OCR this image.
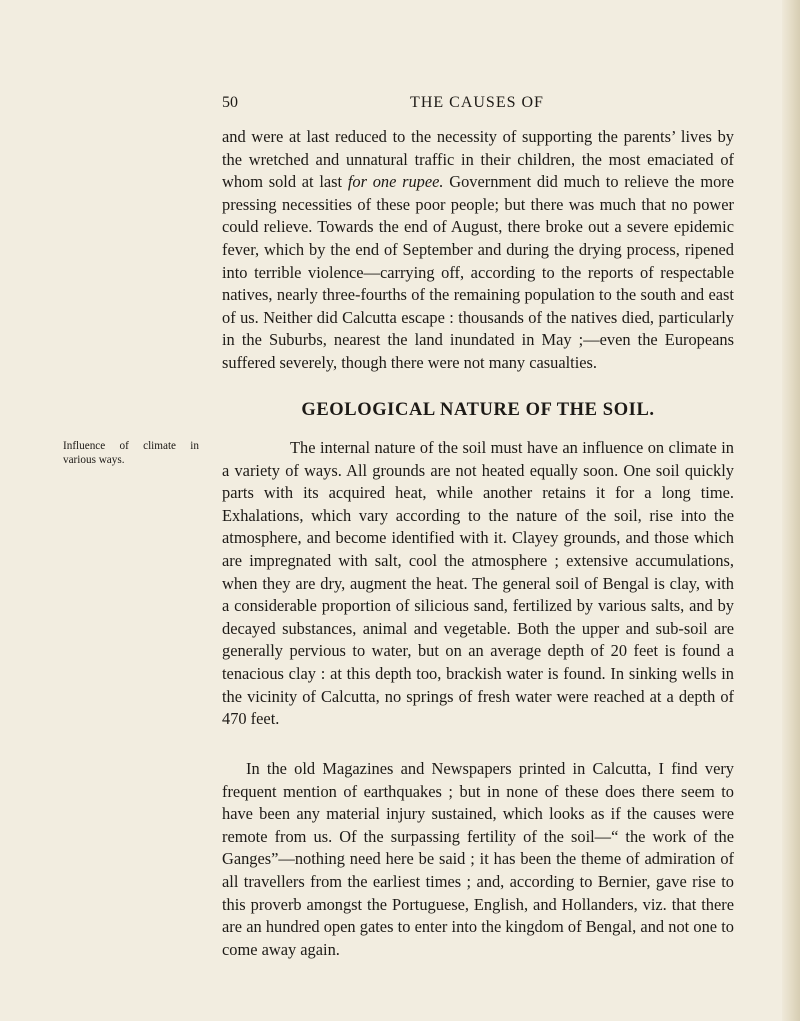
50	THE CAUSES OF

and were at last reduced to the necessity of supporting the parents’ lives by the wretched and unnatural traffic in their children, the most emaciated of whom sold at last for one rupee. Government did much to relieve the more pressing necessities of these poor people; but there was much that no power could relieve. Towards the end of August, there broke out a severe epidemic fever, which by the end of September and during the drying process, ripened into terrible violence—carrying off, according to the reports of respectable natives, nearly three-fourths of the remaining population to the south and east of us. Neither did Calcutta escape : thousands of the natives died, particularly in the Suburbs, nearest the land inundated in May ;—even the Europeans suffered severely, though there were not many casualties.

GEOLOGICAL NATURE OF THE SOIL.

Influence of climate in various ways.

The internal nature of the soil must have an influence on climate in a variety of ways. All grounds are not heated equally soon. One soil quickly parts with its acquired heat, while another retains it for a long time. Exhalations, which vary according to the nature of the soil, rise into the atmosphere, and become identified with it. Clayey grounds, and those which are impregnated with salt, cool the atmosphere ; extensive accumulations, when they are dry, augment the heat. The general soil of Bengal is clay, with a considerable proportion of silicious sand, fertilized by various salts, and by decayed substances, animal and vegetable. Both the upper and sub-soil are generally pervious to water, but on an average depth of 20 feet is found a tenacious clay : at this depth too, brackish water is found. In sinking wells in the vicinity of Calcutta, no springs of fresh water were reached at a depth of 470 feet.

In the old Magazines and Newspapers printed in Calcutta, I find very frequent mention of earthquakes ; but in none of these does there seem to have been any material injury sustained, which looks as if the causes were remote from us. Of the surpassing fertility of the soil—“ the work of the Ganges”—nothing need here be said ; it has been the theme of admiration of all travellers from the earliest times ; and, according to Bernier, gave rise to this proverb amongst the Portuguese, English, and Hollanders, viz. that there are an hundred open gates to enter into the kingdom of Bengal, and not one to come away again.
